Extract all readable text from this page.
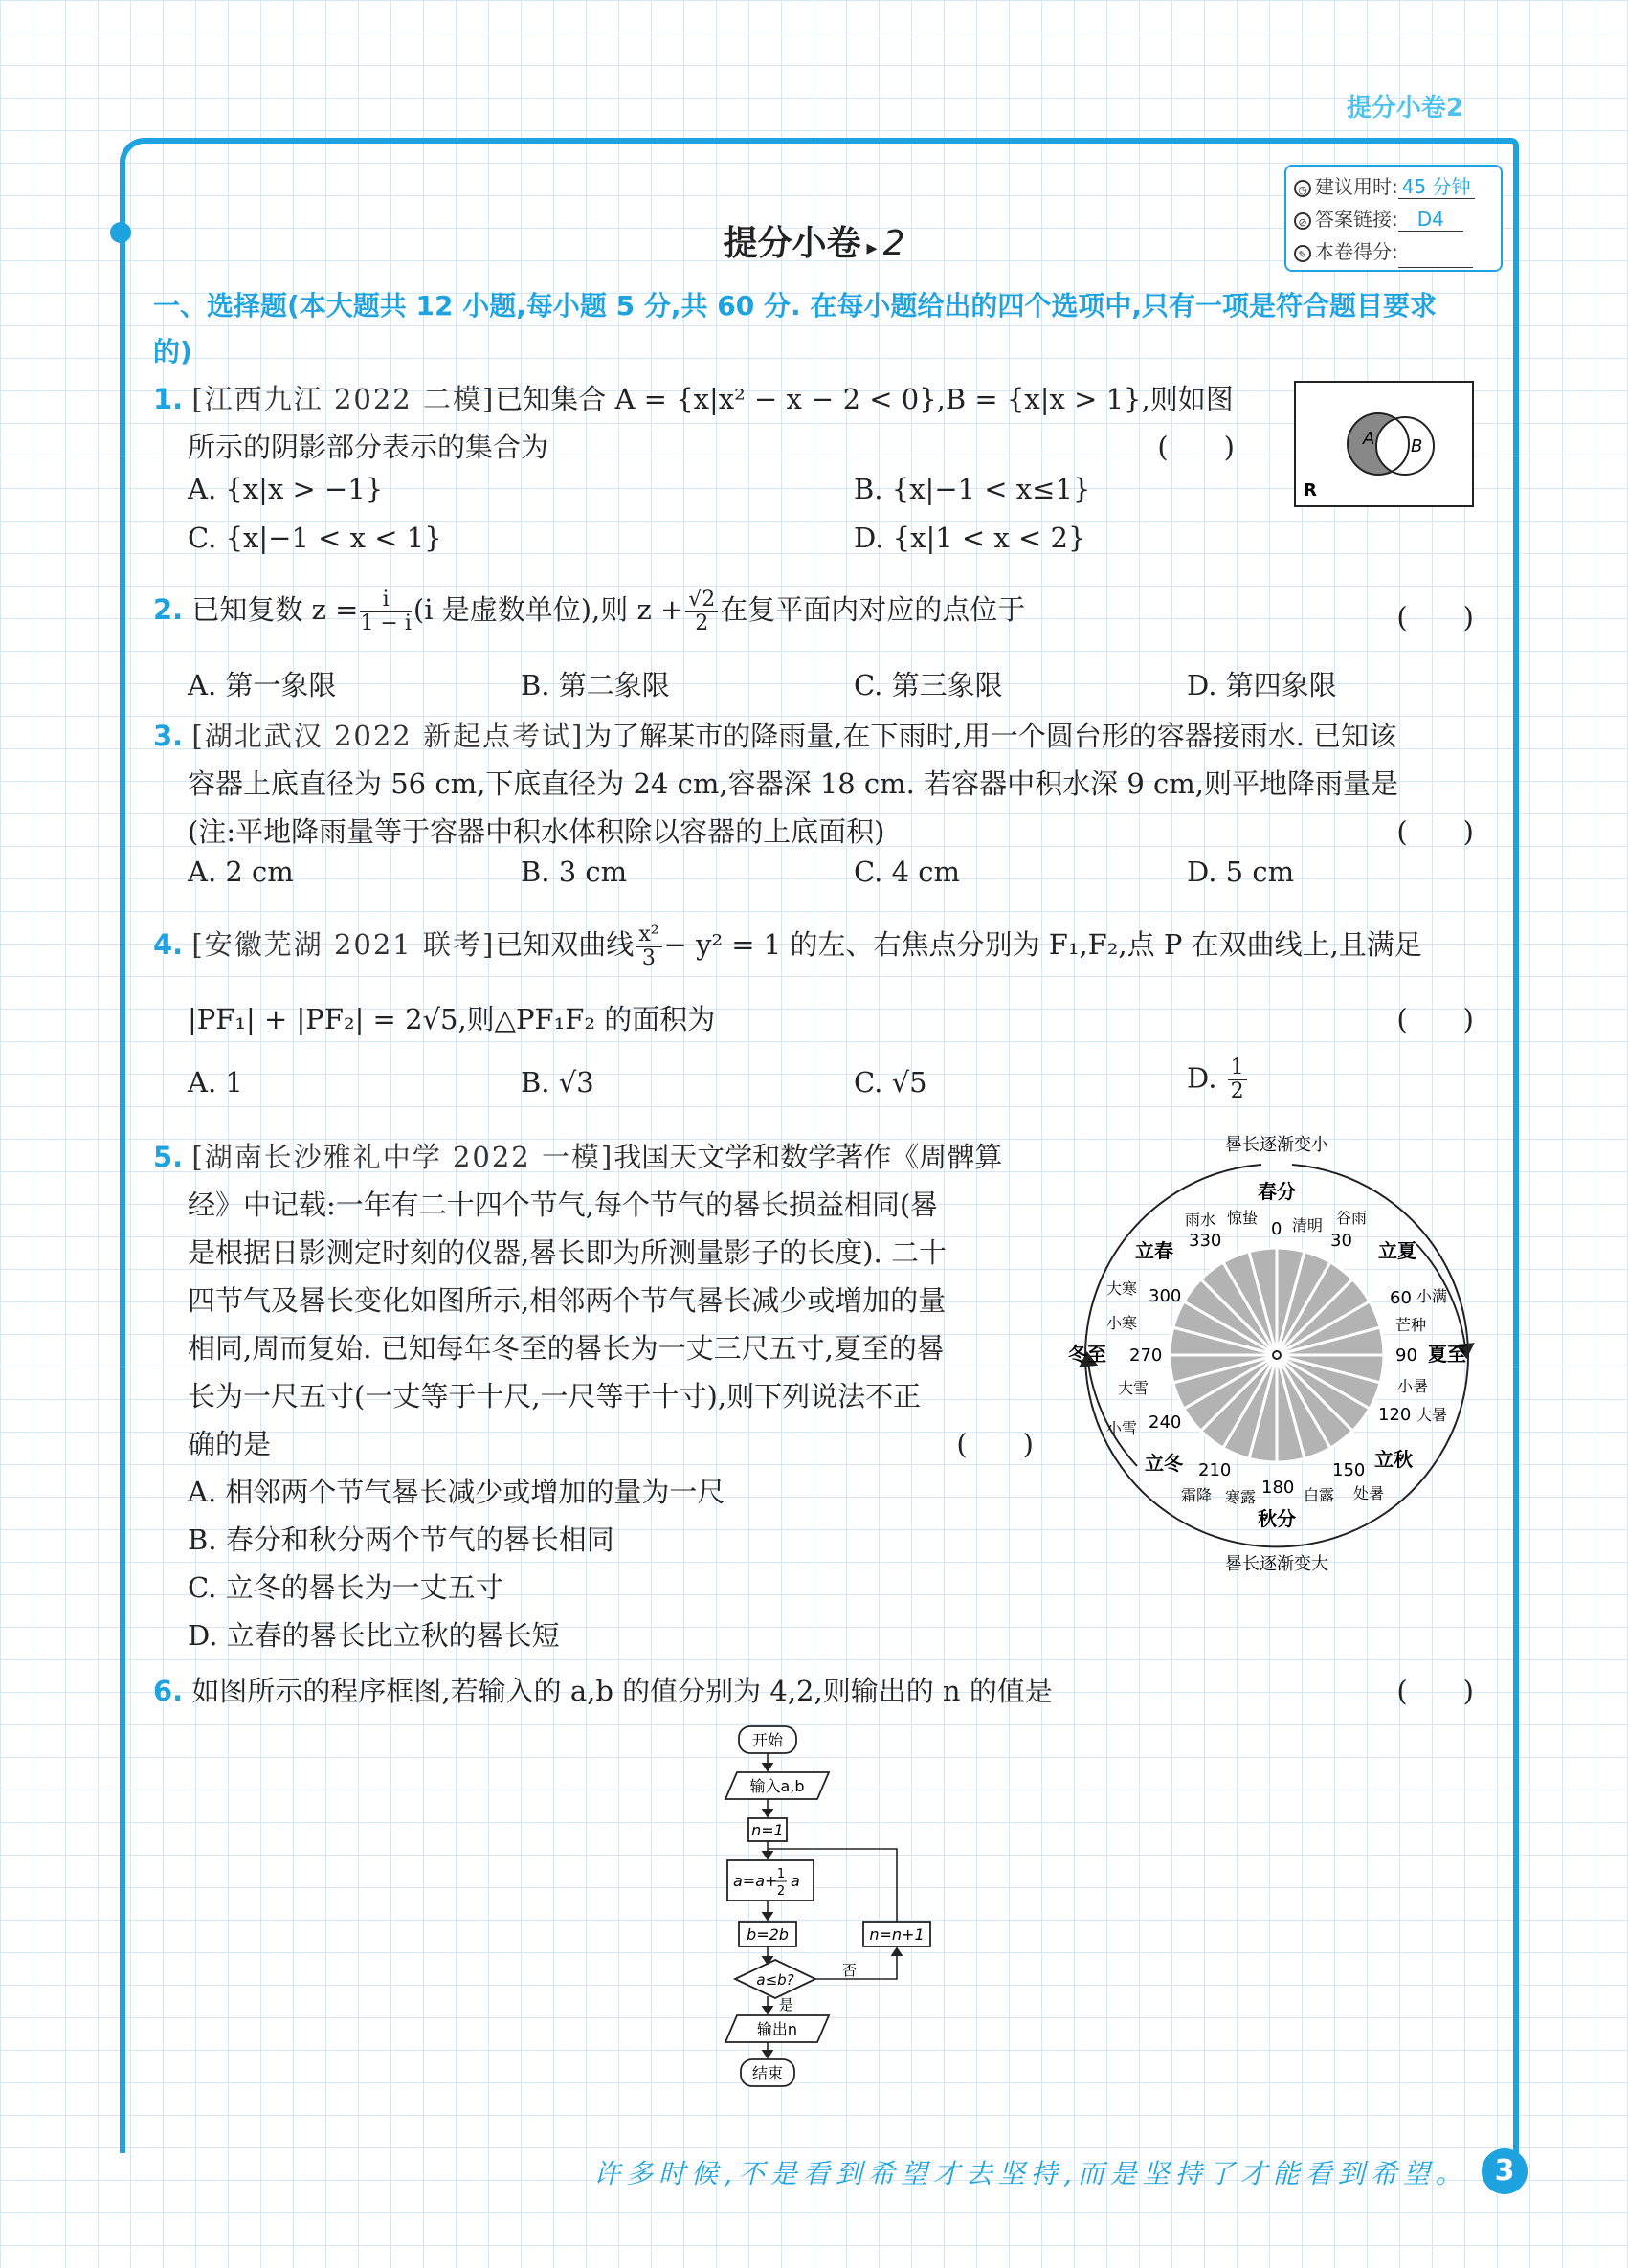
提分小卷2
◷ 建议用时: 45 分钟
⊘ 答案链接: D4
✎ 本卷得分:
提分小卷 ▸ 2
一、选择题(本大题共 12 小题,每小题 5 分,共 60 分. 在每小题给出的四个选项中,只有一项是符合题目要求的)
1. [江西九江 2022 二模]已知集合 A = {x|x² − x − 2 < 0},B = {x|x > 1},则如图所示的阴影部分表示的集合为	(　　)
A. {x|x > −1}	B. {x|−1 < x≤1}
C. {x|−1 < x < 1}	D. {x|1 < x < 2}
A B
R
2. 已知复数 $z = \frac{i}{1 - i} (i$ 是虚数单位),则 $z + \frac{√2}{2}$ 在复平面内对应的点位于	(　　)
A. 第一象限	B. 第二象限	C. 第三象限	D. 第四象限
3. [湖北武汉 2022 新起点考试]为了解某市的降雨量,在下雨时,用一个圆台形的容器接雨水. 已知该
容器上底直径为 56 cm,下底直径为 24 cm,容器深 18 cm. 若容器中积水深 9 cm,则平地降雨量是
(注:平地降雨量等于容器中积水体积除以容器的上底面积)	(　　)
A. 2 cm	B. 3 cm	C. 4 cm	D. 5 cm
4. [安徽芜湖 2021 联考]已知双曲线 $\frac{\text{x²}}{3} - y^2 = 1$ 的左、右焦点分别为 F₁,F₂,点 P 在双曲线上,且满足
|PF₁| + |PF₂| = 2√5,则△PF₁F₂ 的面积为	(　　)
A. 1	B. √3	C. √5	D. $\frac{1}{2}$
5. [湖南长沙雅礼中学 2022 一模]我国天文学和数学著作《周髀算
经》中记载:一年有二十四个节气,每个节气的晷长损益相同(晷
是根据日影测定时刻的仪器,晷长即为所测量影子的长度). 二十
四节气及晷长变化如图所示,相邻两个节气晷长减少或增加的量
相同,周而复始. 已知每年冬至的晷长为一丈三尺五寸,夏至的晷
长为一尺五寸(一丈等于十尺,一尺等于十寸),则下列说法不正
确的是	(　　)
A. 相邻两个节气晷长减少或增加的量为一尺
B. 春分和秋分两个节气的晷长相同
C. 立冬的晷长为一丈五寸
D. 立春的晷长比立秋的晷长短
晷长逐渐变小
晷长逐渐变大
春分
秋分
冬至	夏至
立春	立夏
立冬	立秋
雨水 惊蛰 清明 谷雨
小满
芒种
小暑
大暑
处暑
白露
寒露
霜降
小雪
大雪
小寒
大寒
0
30
60
90
120
150
180
210
240
270
300
330
6. 如图所示的程序框图,若输入的 a,b 的值分别为 4,2,则输出的 n 的值是	(　　)
开始
输入a,b
n=1
a=a+ 1
2
a
b=2b
a≤b?
是
否
n=n+1
输出n
结束
许多时候,不是看到希望才去坚持,而是坚持了才能看到希望。 3
